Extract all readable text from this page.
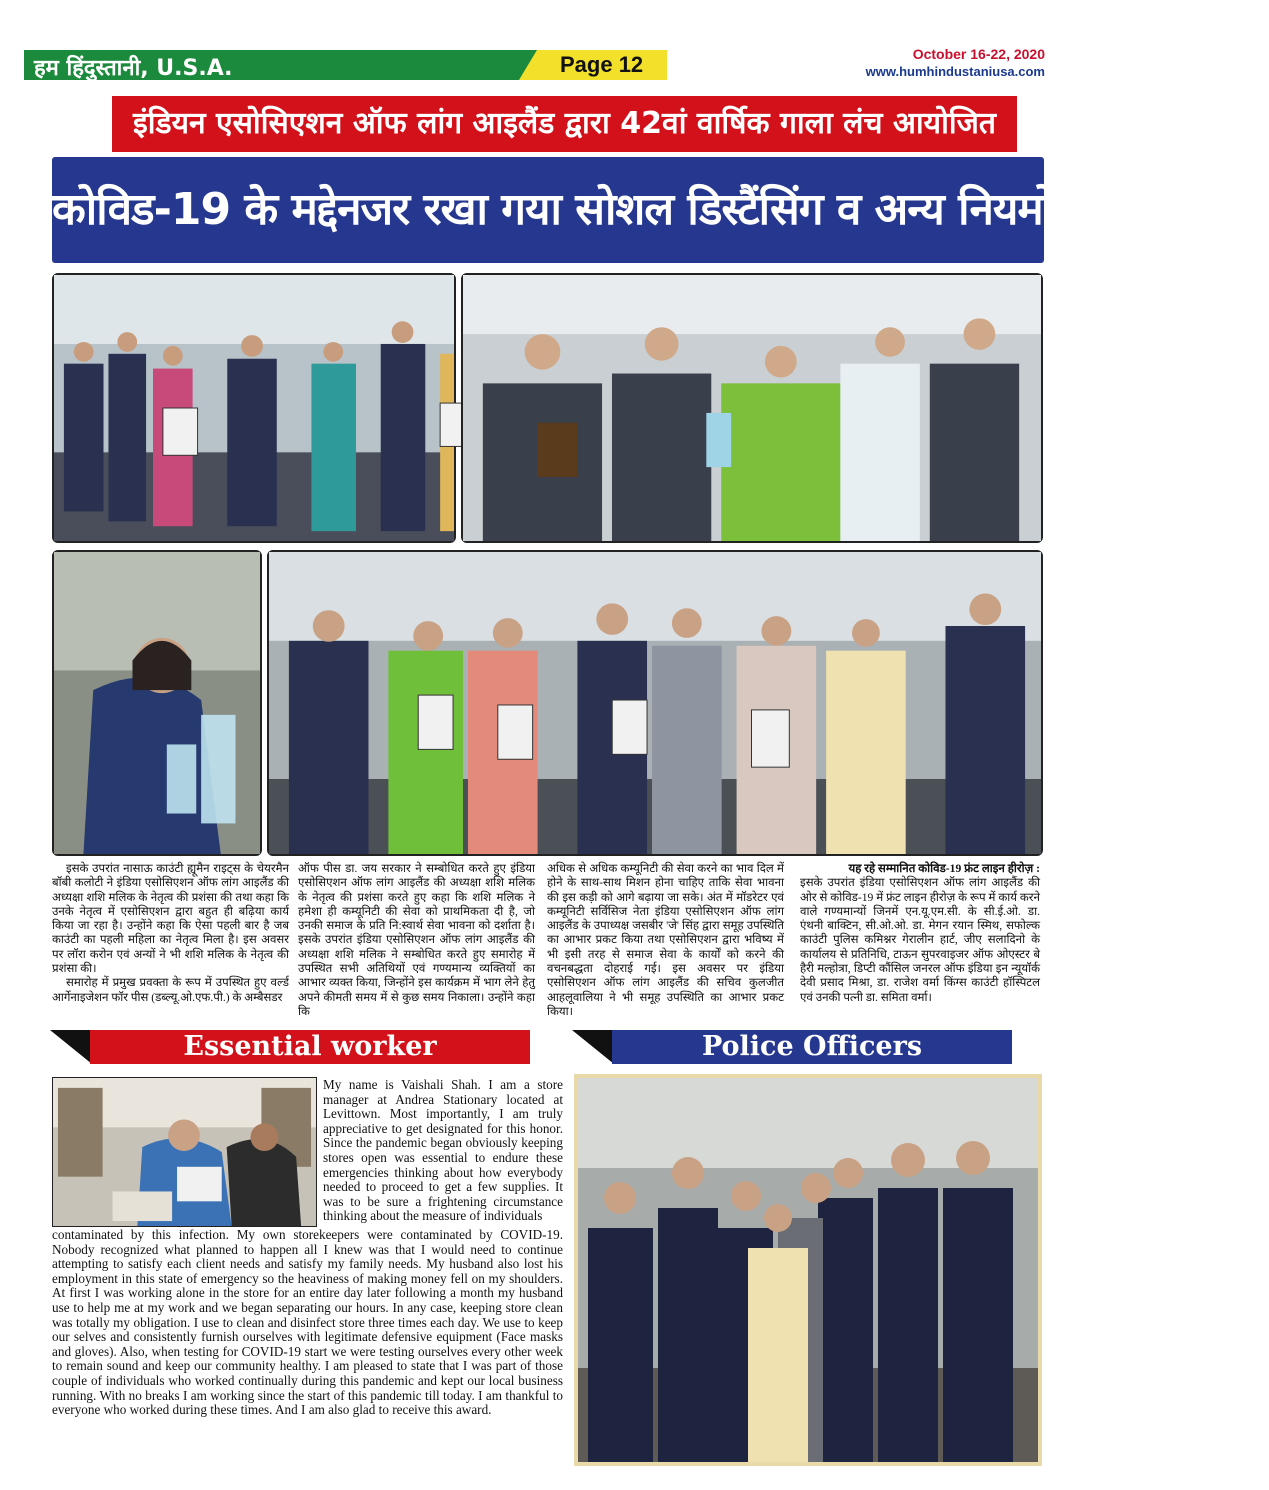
हम हिंदुस्तानी, U.S.A.	Page 12	October 16-22, 2020
www.humhindustaniusa.com
इंडियन एसोसिएशन ऑफ लांग आइलैंड द्वारा 42वां वार्षिक गाला लंच आयोजित
कोविड-19 के मद्देनजर रखा गया सोशल डिस्टैंसिंग व अन्य नियमों का पूरा ध्यान

इसके उपरांत नासाऊ काउंटी ह्यूमैन राइट्स के चेयरमैन बॉबी कलोटी ने इंडिया एसोसिएशन ऑफ लांग आइलैंड की अध्यक्षा शशि मलिक के नेतृत्व की प्रशंसा की तथा कहा कि उनके नेतृत्व में एसोसिएशन द्वारा बहुत ही बढ़िया कार्य किया जा रहा है। उन्होंने कहा कि ऐसा पहली बार है जब काउंटी का पहली महिला का नेतृत्व मिला है। इस अवसर पर लॉरा करोन एवं अन्यों ने भी शशि मलिक के नेतृत्व की प्रशंसा की।

समारोह में प्रमुख प्रवक्ता के रूप में उपस्थित हुए वर्ल्ड आर्गेनाइजेशन फॉर पीस (डब्ल्यू.ओ.एफ.पी.) के अम्बैसडर

ऑफ पीस डा. जय सरकार ने सम्बोधित करते हुए इंडिया एसोसिएशन ऑफ लांग आइलैंड की अध्यक्षा शशि मलिक के नेतृत्व की प्रशंसा करते हुए कहा कि शशि मलिक ने हमेशा ही कम्यूनिटी की सेवा को प्राथमिकता दी है, जो उनकी समाज के प्रति नि:स्वार्थ सेवा भावना को दर्शाता है। इसके उपरांत इंडिया एसोसिएशन ऑफ लांग आइलैंड की अध्यक्षा शशि मलिक ने सम्बोधित करते हुए समारोह में उपस्थित सभी अतिथियों एवं गण्यमान्य व्यक्तियों का आभार व्यक्त किया, जिन्होंने इस कार्यक्रम में भाग लेने हेतु अपने कीमती समय में से कुछ समय निकाला। उन्होंने कहा कि

अधिक से अधिक कम्यूनिटी की सेवा करने का भाव दिल में होने के साथ-साथ मिशन होना चाहिए ताकि सेवा भावना की इस कड़ी को आगे बढ़ाया जा सके। अंत में मॉडरेटर एवं कम्यूनिटी सर्विसिज नेता इंडिया एसोसिएशन ऑफ लांग आइलैंड के उपाध्यक्ष जसबीर 'जे' सिंह द्वारा समूह उपस्थिति का आभार प्रकट किया तथा एसोसिएशन द्वारा भविष्य में भी इसी तरह से समाज सेवा के कार्यों को करने की वचनबद्धता दोहराई गई। इस अवसर पर इंडिया एसोसिएशन ऑफ लांग आइलैंड की सचिव कुलजीत आहलूवालिया ने भी समूह उपस्थिति का आभार प्रकट किया।

यह रहे सम्मानित कोविड-19 फ्रंट लाइन हीरोज़ :

इसके उपरांत इंडिया एसोसिएशन ऑफ लांग आइलैंड की ओर से कोविड-19 में फ्रंट लाइन हीरोज़ के रूप में कार्य करने वाले गण्यमान्यों जिनमें एन.यू.एम.सी. के सी.ई.ओ. डा. एंथनी बाक्टिन, सी.ओ.ओ. डा. मेगन रयान स्मिथ, सफोल्क काउंटी पुलिस कमिश्नर गेरालीन हार्ट, जीए सलादिनो के कार्यालय से प्रतिनिधि, टाऊन सुपरवाइजर ऑफ ओएस्टर बे हैरी मल्होत्रा, डिप्टी कौंसिल जनरल ऑफ इंडिया इन न्यूयॉर्क देवी प्रसाद मिश्रा, डा. राजेश वर्मा किंग्स काउंटी हॉस्पिटल एवं उनकी पत्नी डा. समिता वर्मा।

Essential worker	Police Officers
My name is Vaishali Shah. I am a store manager at Andrea Stationary located at Levittown. Most importantly, I am truly appreciative to get designated for this honor. Since the pandemic began obviously keeping stores open was essential to endure these emergencies thinking about how everybody needed to proceed to get a few supplies. It was to be sure a frightening circumstance thinking about the measure of individuals
contaminated by this infection. My own storekeepers were contaminated by COVID-19. Nobody recognized what planned to happen all I knew was that I would need to continue attempting to satisfy each client needs and satisfy my family needs. My husband also lost his employment in this state of emergency so the heaviness of making money fell on my shoulders. At first I was working alone in the store for an entire day later following a month my husband use to help me at my work and we began separating our hours. In any case, keeping store clean was totally my obligation. I use to clean and disinfect store three times each day. We use to keep our selves and consistently furnish ourselves with legitimate defensive equipment (Face masks and gloves). Also, when testing for COVID-19 start we were testing ourselves every other week to remain sound and keep our community healthy. I am pleased to state that I was part of those couple of individuals who worked continually during this pandemic and kept our local business running. With no breaks I am working since the start of this pandemic till today. I am thankful to everyone who worked during these times. And I am also glad to receive this award.
